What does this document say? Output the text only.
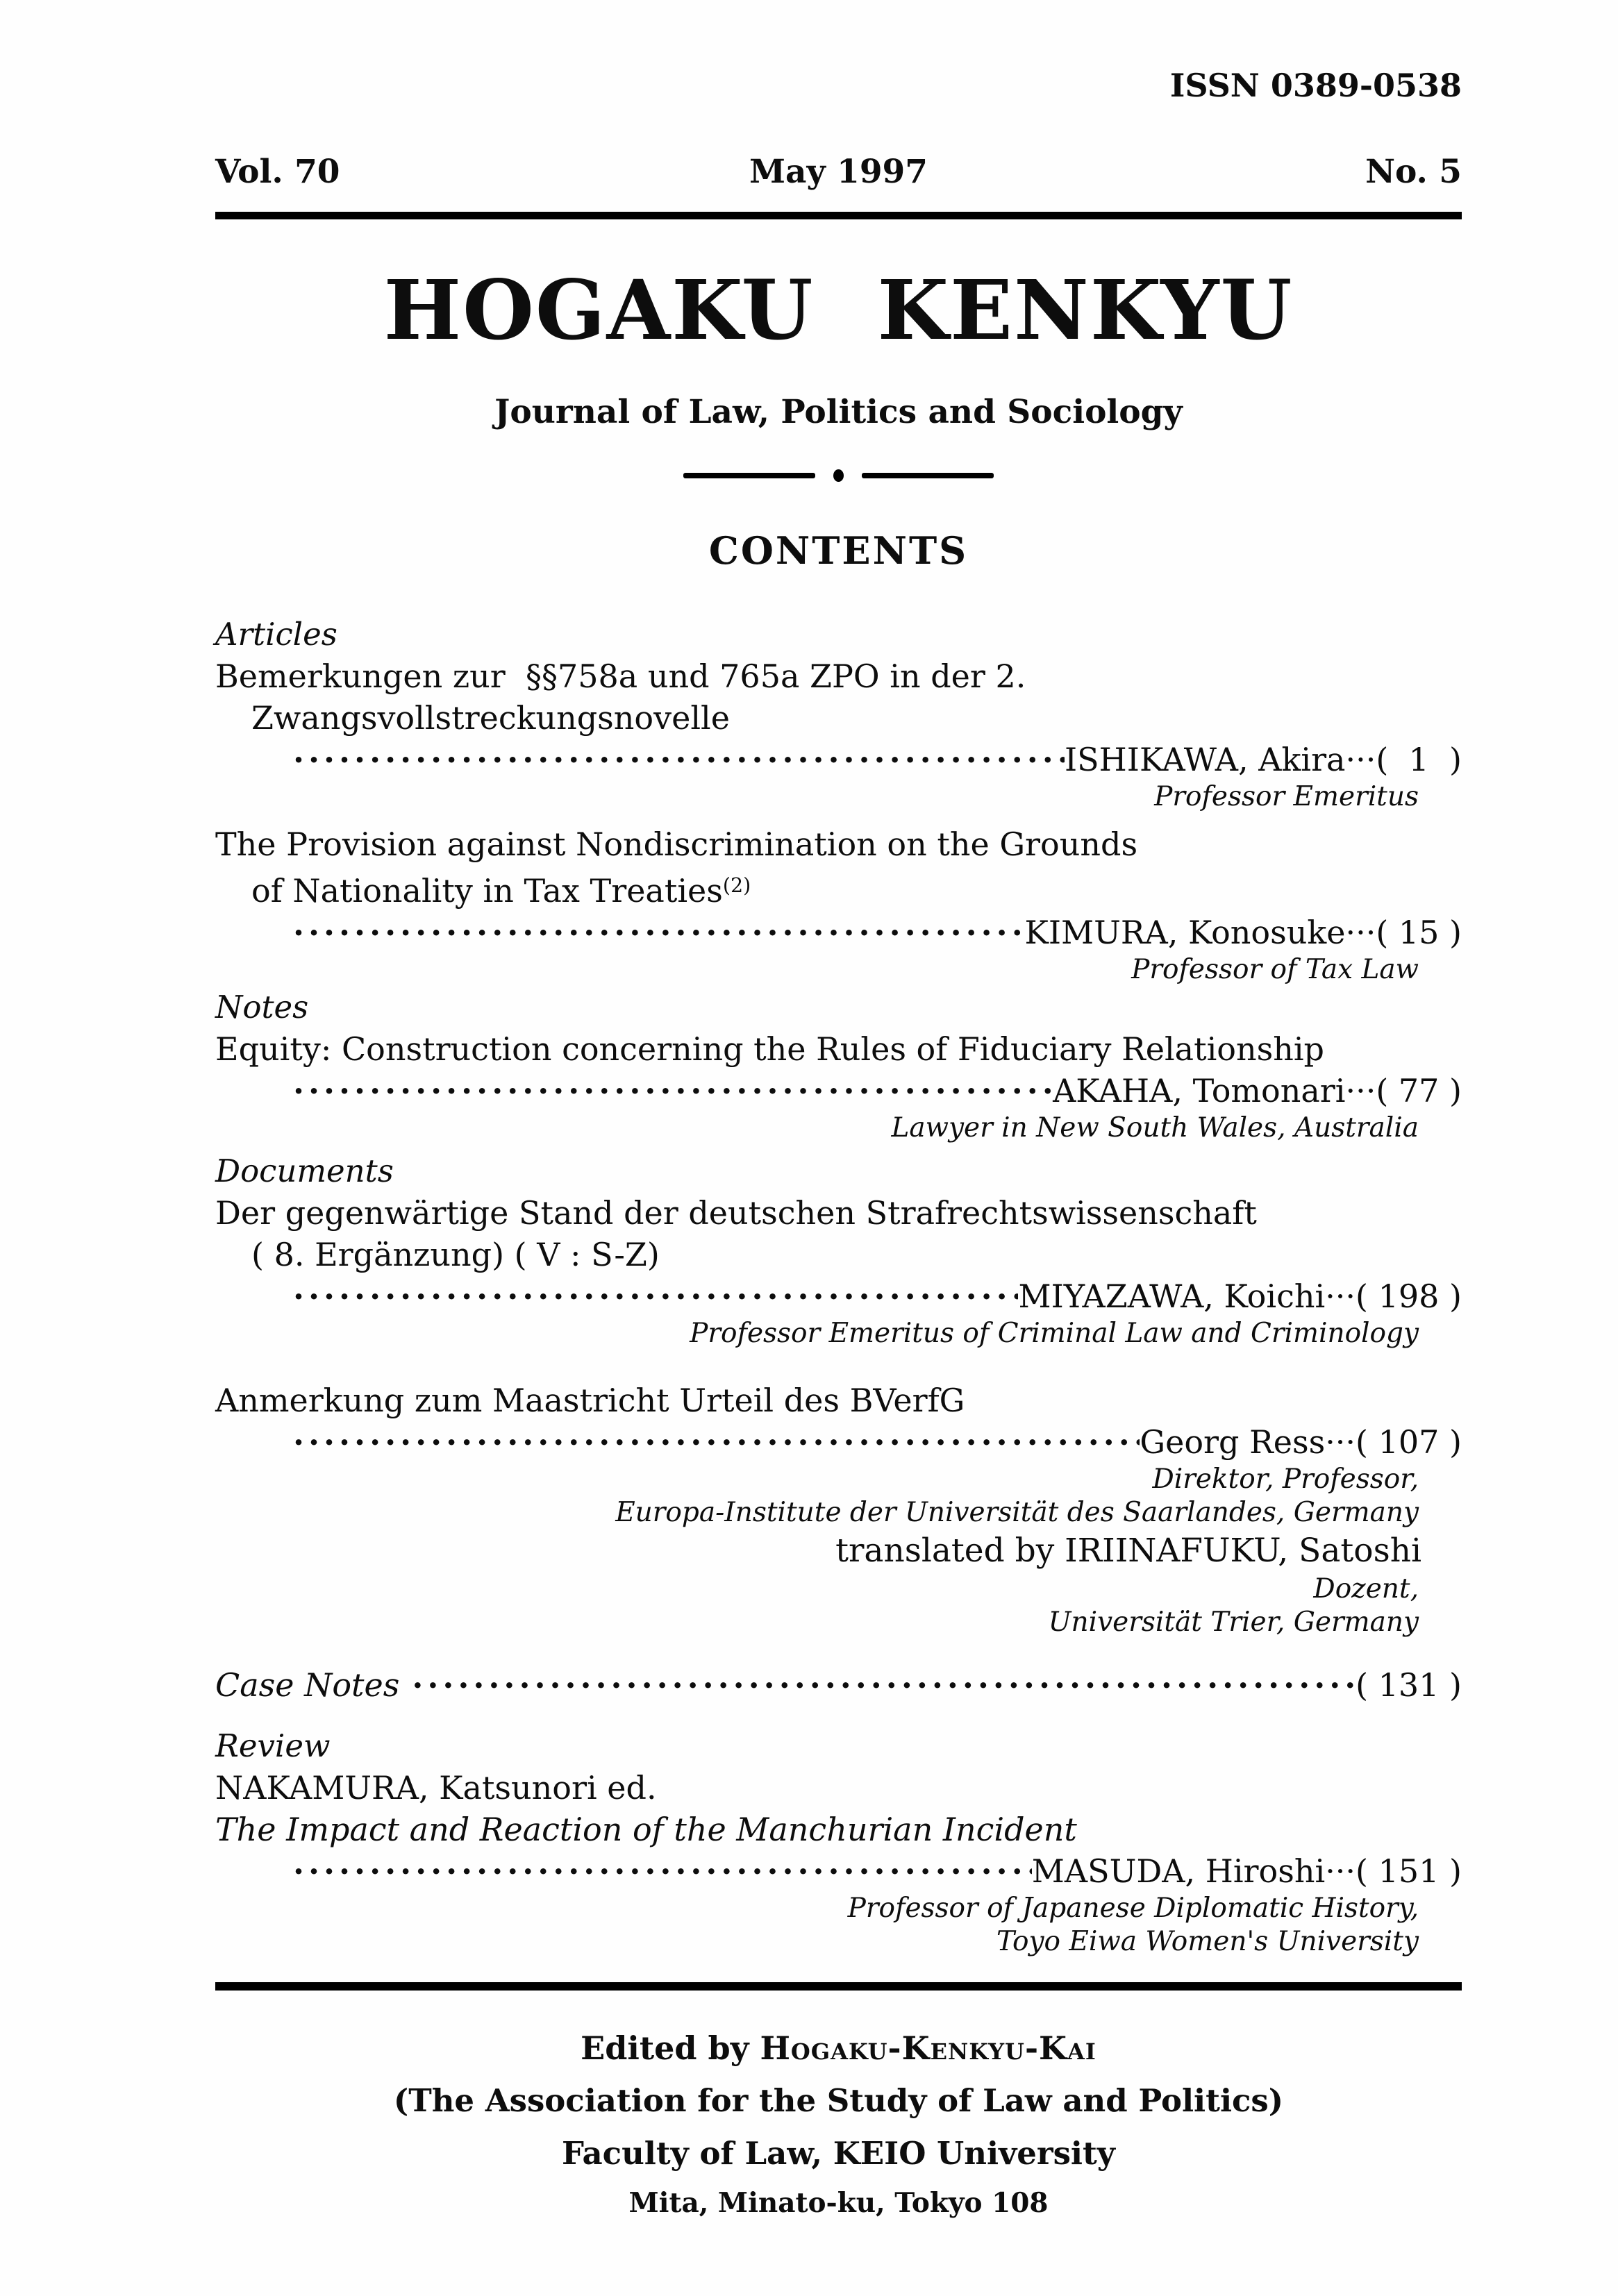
ISSN 0389-0538
Vol. 70	May 1997	No. 5
HOGAKU KENKYU
Journal of Law, Politics and Sociology
CONTENTS
Articles
Bemerkungen zur  §§758a und 765a ZPO in der 2.
Zwangsvollstreckungsnovelle
·····
ISHIKAWA, Akira ···(  1  )
Professor Emeritus
The Provision against Nondiscrimination on the Grounds
of Nationality in Tax Treaties$^{(2)}$
·····
KIMURA, Konosuke ···( 15 )
Professor of Tax Law
Notes
Equity: Construction concerning the Rules of Fiduciary Relationship
·····
AKAHA, Tomonari ···( 77 )
Lawyer in New South Wales, Australia
Documents
Der gegenwärtige Stand der deutschen Strafrechtswissenschaft
( 8. Ergänzung) ( V : S-Z)
·····
MIYAZAWA, Koichi ···( 198 )
Professor Emeritus of Criminal Law and Criminology
Anmerkung zum Maastricht Urteil des BVerfG
·····
Georg Ress ···( 107 )
Direktor, Professor,
Europa-Institute der Universität des Saarlandes, Germany
translated by IRIINAFUKU, Satoshi
Dozent,
Universität Trier, Germany
Case Notes ·····	( 131 )
Review
NAKAMURA, Katsunori ed.
The Impact and Reaction of the Manchurian Incident
·····
MASUDA, Hiroshi ···( 151 )
Professor of Japanese Diplomatic History,
Toyo Eiwa Women's University
Edited by Hogaku-Kenkyu-Kai
(The Association for the Study of Law and Politics)
Faculty of Law, KEIO University
Mita, Minato-ku, Tokyo 108
